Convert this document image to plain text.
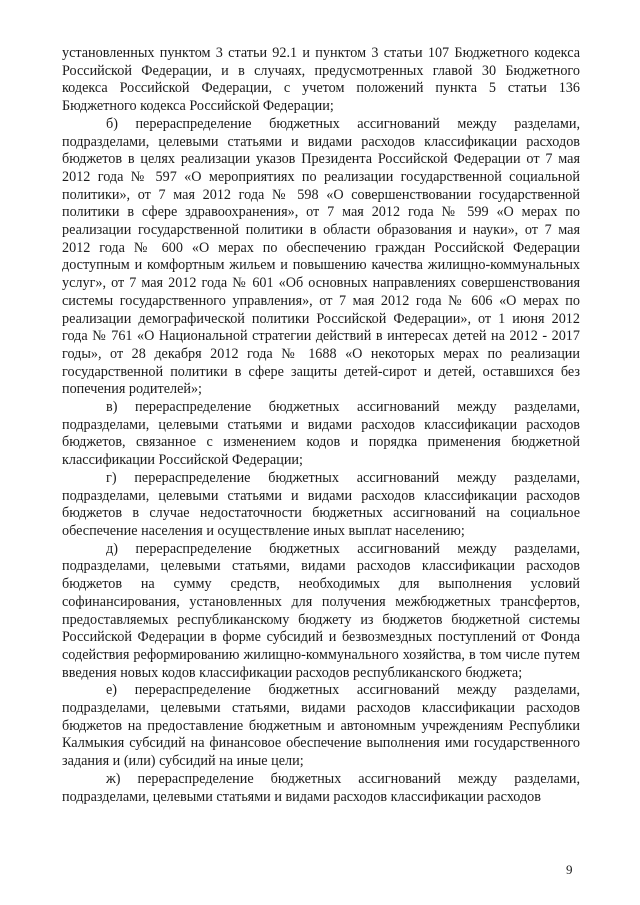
установленных пунктом 3 статьи 92.1 и пунктом 3 статьи 107 Бюджетного кодекса Российской Федерации, и в случаях, предусмотренных главой 30 Бюджетного кодекса Российской Федерации, с учетом положений пункта 5 статьи 136 Бюджетного кодекса Российской Федерации;

б) перераспределение бюджетных ассигнований между разделами, подразделами, целевыми статьями и видами расходов классификации расходов бюджетов в целях реализации указов Президента Российской Федерации от 7 мая 2012 года № 597 «О мероприятиях по реализации государственной социальной политики», от 7 мая 2012 года № 598 «О совершенствовании государственной политики в сфере здравоохранения», от 7 мая 2012 года № 599 «О мерах по реализации государственной политики в области образования и науки», от 7 мая 2012 года № 600 «О мерах по обеспечению граждан Российской Федерации доступным и комфортным жильем и повышению качества жилищно-коммунальных услуг», от 7 мая 2012 года № 601 «Об основных направлениях совершенствования системы государственного управления», от 7 мая 2012 года № 606 «О мерах по реализации демографической политики Российской Федерации», от 1 июня 2012 года № 761 «О Национальной стратегии действий в интересах детей на 2012 - 2017 годы», от 28 декабря 2012 года № 1688 «О некоторых мерах по реализации государственной политики в сфере защиты детей-сирот и детей, оставшихся без попечения родителей»;

в) перераспределение бюджетных ассигнований между разделами, подразделами, целевыми статьями и видами расходов классификации расходов бюджетов, связанное с изменением кодов и порядка применения бюджетной классификации Российской Федерации;

г) перераспределение бюджетных ассигнований между разделами, подразделами, целевыми статьями и видами расходов классификации расходов бюджетов в случае недостаточности бюджетных ассигнований на социальное обеспечение населения и осуществление иных выплат населению;

д) перераспределение бюджетных ассигнований между разделами, подразделами, целевыми статьями, видами расходов классификации расходов бюджетов на сумму средств, необходимых для выполнения условий софинансирования, установленных для получения межбюджетных трансфертов, предоставляемых республиканскому бюджету из бюджетов бюджетной системы Российской Федерации в форме субсидий и безвозмездных поступлений от Фонда содействия реформированию жилищно-коммунального хозяйства, в том числе путем введения новых кодов классификации расходов республиканского бюджета;

е) перераспределение бюджетных ассигнований между разделами, подразделами, целевыми статьями, видами расходов классификации расходов бюджетов на предоставление бюджетным и автономным учреждениям Республики Калмыкия субсидий на финансовое обеспечение выполнения ими государственного задания и (или) субсидий на иные цели;

ж) перераспределение бюджетных ассигнований между разделами, подразделами, целевыми статьями и видами расходов классификации расходов

9
